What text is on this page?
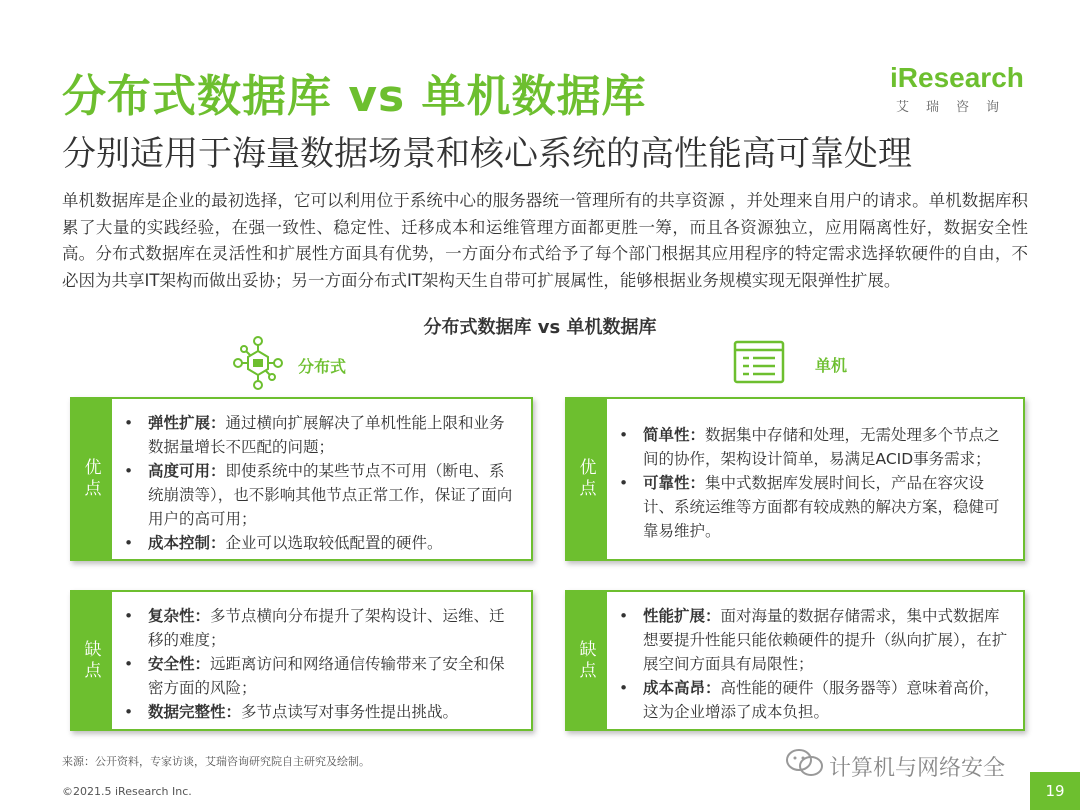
分布式数据库 vs 单机数据库
分别适用于海量数据场景和核心系统的高性能高可靠处理
iResearch
艾瑞咨询
单机数据库是企业的最初选择，它可以利用位于系统中心的服务器统一管理所有的共享资源 ，并处理来自用户的请求。单机数据库积累了大量的实践经验，在强一致性、稳定性、迁移成本和运维管理方面都更胜一筹，而且各资源独立，应用隔离性好，数据安全性高。分布式数据库在灵活性和扩展性方面具有优势，一方面分布式给予了每个部门根据其应用程序的特定需求选择软硬件的自由，不必因为共享IT架构而做出妥协；另一方面分布式IT架构天生自带可扩展属性，能够根据业务规模实现无限弹性扩展。
分布式数据库 vs 单机数据库
分布式	单机
优点
• 弹性扩展：通过横向扩展解决了单机性能上限和业务数据量增长不匹配的问题；
• 高度可用：即使系统中的某些节点不可用（断电、系统崩溃等），也不影响其他节点正常工作，保证了面向用户的高可用；
• 成本控制：企业可以选取较低配置的硬件。
优点
• 简单性：数据集中存储和处理，无需处理多个节点之间的协作，架构设计简单，易满足ACID事务需求；
• 可靠性：集中式数据库发展时间长，产品在容灾设计、系统运维等方面都有较成熟的解决方案，稳健可靠易维护。
缺点
• 复杂性：多节点横向分布提升了架构设计、运维、迁移的难度；
• 安全性：远距离访问和网络通信传输带来了安全和保密方面的风险；
• 数据完整性：多节点读写对事务性提出挑战。
缺点
• 性能扩展：面对海量的数据存储需求，集中式数据库想要提升性能只能依赖硬件的提升（纵向扩展），在扩展空间方面具有局限性；
• 成本高昂：高性能的硬件（服务器等）意味着高价，这为企业增添了成本负担。
来源：公开资料，专家访谈，艾瑞咨询研究院自主研究及绘制。
©2021.5 iResearch Inc.
计算机与网络安全
19
